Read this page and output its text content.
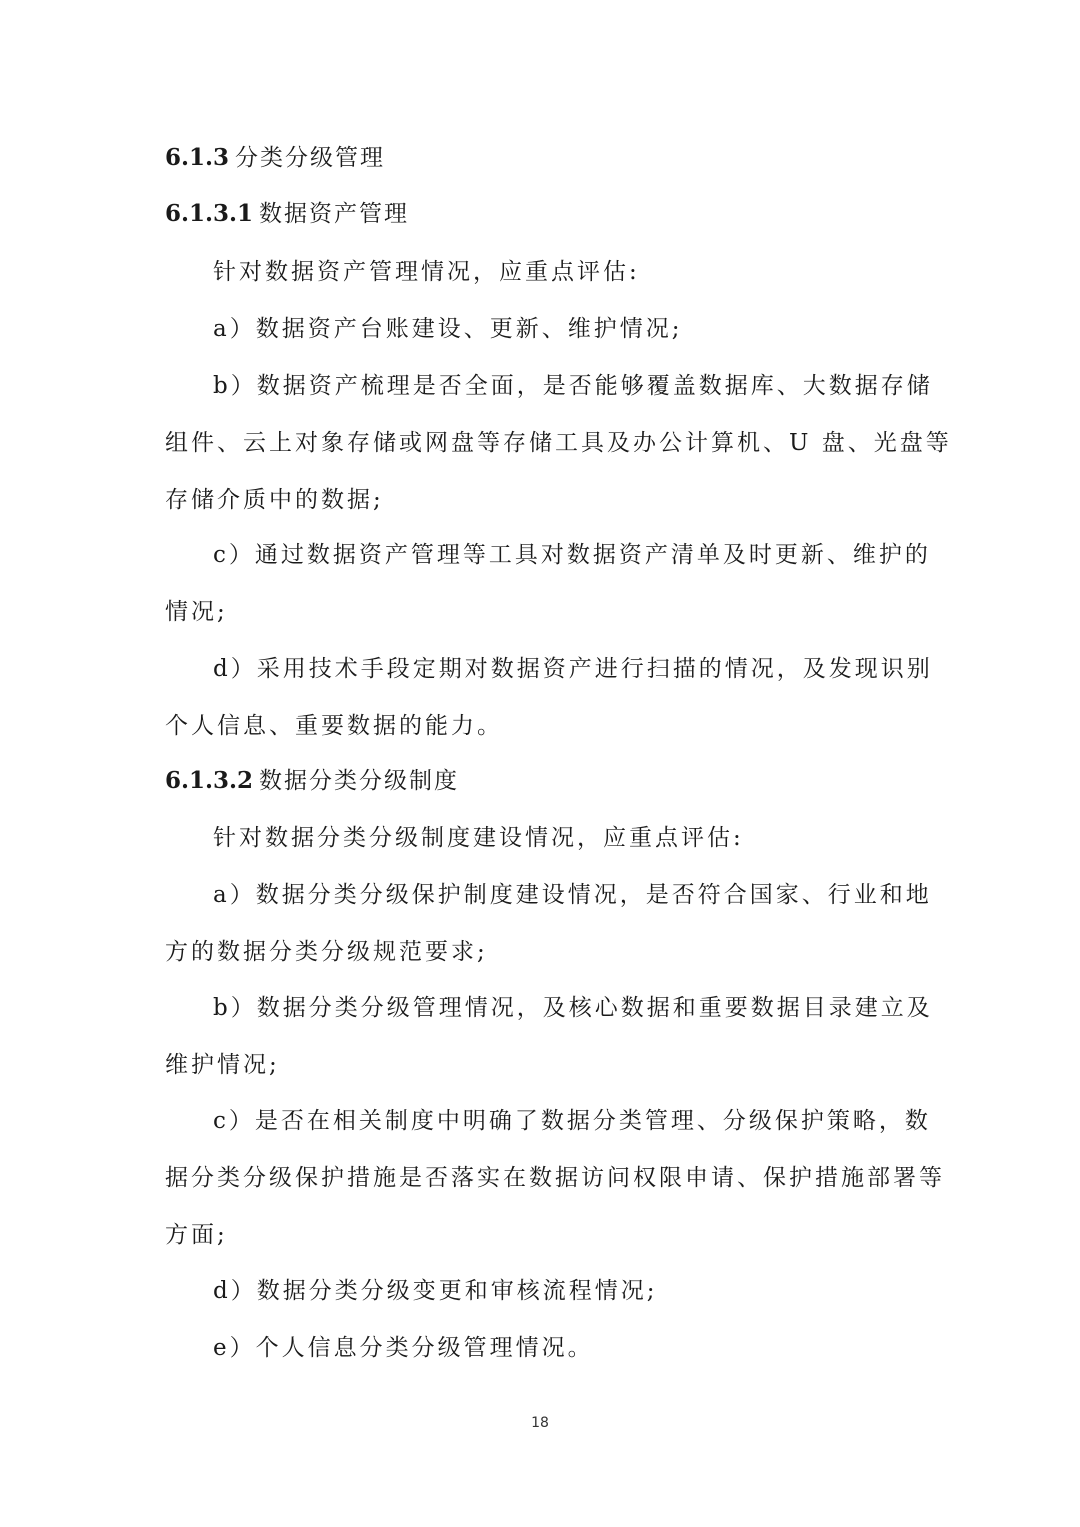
6.1.3 分类分级管理
6.1.3.1 数据资产管理
针对数据资产管理情况，应重点评估:
a）数据资产台账建设、更新、维护情况;
b）数据资产梳理是否全面，是否能够覆盖数据库、大数据存储
组件、云上对象存储或网盘等存储工具及办公计算机、U 盘、光盘等
存储介质中的数据;
c）通过数据资产管理等工具对数据资产清单及时更新、维护的
情况;
d）采用技术手段定期对数据资产进行扫描的情况，及发现识别
个人信息、重要数据的能力。
6.1.3.2 数据分类分级制度
针对数据分类分级制度建设情况，应重点评估:
a）数据分类分级保护制度建设情况，是否符合国家、行业和地
方的数据分类分级规范要求;
b）数据分类分级管理情况，及核心数据和重要数据目录建立及
维护情况;
c）是否在相关制度中明确了数据分类管理、分级保护策略，数
据分类分级保护措施是否落实在数据访问权限申请、保护措施部署等
方面;
d）数据分类分级变更和审核流程情况;
e）个人信息分类分级管理情况。
18
